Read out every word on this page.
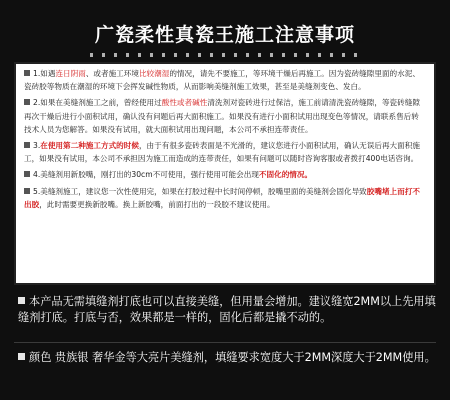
广瓷柔性真瓷王施工注意事项
1.如遇连日阴雨、或者施工环境比较潮湿的情况，请先不要施工，等环境干燥后再施工。因为瓷砖缝隙里面的水泥、瓷砖胶等物质在潮湿的环境下会挥发碱性物质，从而影响美缝剂施工效果，甚至是美缝剂变色、发白。
2.如果在美缝剂施工之前，曾经使用过酸性或者碱性清洗剂对瓷砖进行过保洁，施工前请清洗瓷砖缝隙，等瓷砖缝隙再次干燥后进行小面积试用，确认没有问题后再大面积施工。如果没有进行小面积试用出现变色等情况，请联系售后转技术人员为您解答。如果没有试用，就大面积试用出现问题，本公司不承担连带责任。
3.在使用第二种施工方式的时候，由于有很多瓷砖表面是不光滑的，建议您进行小面积试用，确认无误后再大面积施工，如果没有试用，本公司不承担因为施工而造成的连带责任，如果有问题可以随时咨询客服或者拨打400电话咨询。
4.美缝剂用新胶嘴，刚打出的30cm不可使用，强行使用可能会出现不固化的情况。
5.美缝剂施工，建议您一次性使用完，如果在打胶过程中长时间停顿，胶嘴里面的美缝剂会固化导致胶嘴堵上而打不出胶，此时需要更换新胶嘴。换上新胶嘴，前面打出的一段胶不建议使用。
本产品无需填缝剂打底也可以直接美缝，但用量会增加。建议缝宽2MM以上先用填缝剂打底。打底与否，效果都是一样的，固化后都是撬不动的。
颜色 贵族银 奢华金等大亮片美缝剂，填缝要求宽度大于2MM深度大于2MM使用。
